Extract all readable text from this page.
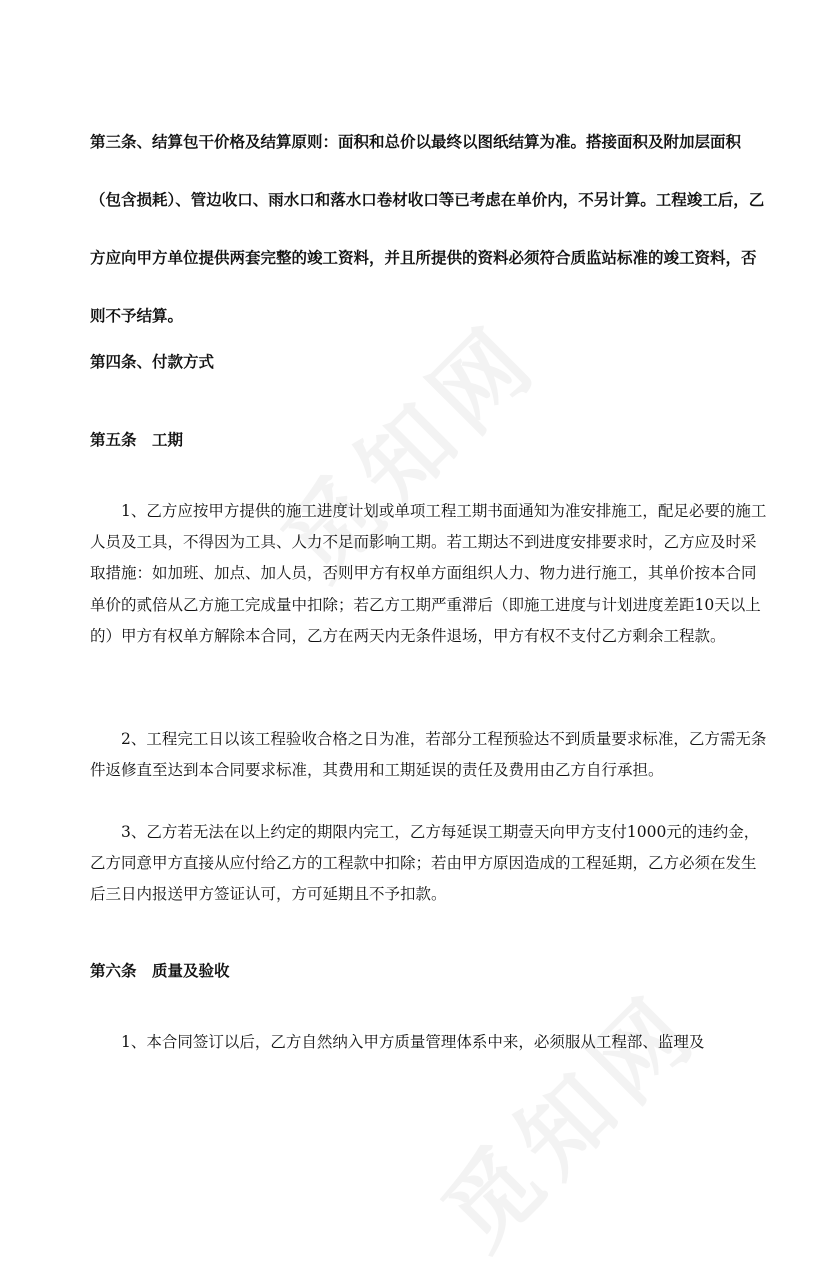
第三条、结算包干价格及结算原则：面积和总价以最终以图纸结算为准。搭接面积及附加层面积（包含损耗）、管边收口、雨水口和落水口卷材收口等已考虑在单价内，不另计算。工程竣工后，乙方应向甲方单位提供两套完整的竣工资料，并且所提供的资料必须符合质监站标准的竣工资料，否则不予结算。

第四条、付款方式

第五条　工期

1、乙方应按甲方提供的施工进度计划或单项工程工期书面通知为准安排施工，配足必要的施工人员及工具，不得因为工具、人力不足而影响工期。若工期达不到进度安排要求时，乙方应及时采取措施：如加班、加点、加人员，否则甲方有权单方面组织人力、物力进行施工，其单价按本合同单价的贰倍从乙方施工完成量中扣除；若乙方工期严重滞后（即施工进度与计划进度差距10天以上的）甲方有权单方解除本合同，乙方在两天内无条件退场，甲方有权不支付乙方剩余工程款。

2、工程完工日以该工程验收合格之日为准，若部分工程预验达不到质量要求标准，乙方需无条件返修直至达到本合同要求标准，其费用和工期延误的责任及费用由乙方自行承担。

3、乙方若无法在以上约定的期限内完工，乙方每延误工期壹天向甲方支付1000元的违约金，乙方同意甲方直接从应付给乙方的工程款中扣除；若由甲方原因造成的工程延期，乙方必须在发生后三日内报送甲方签证认可，方可延期且不予扣款。

第六条　质量及验收

1、本合同签订以后，乙方自然纳入甲方质量管理体系中来，必须服从工程部、监理及
